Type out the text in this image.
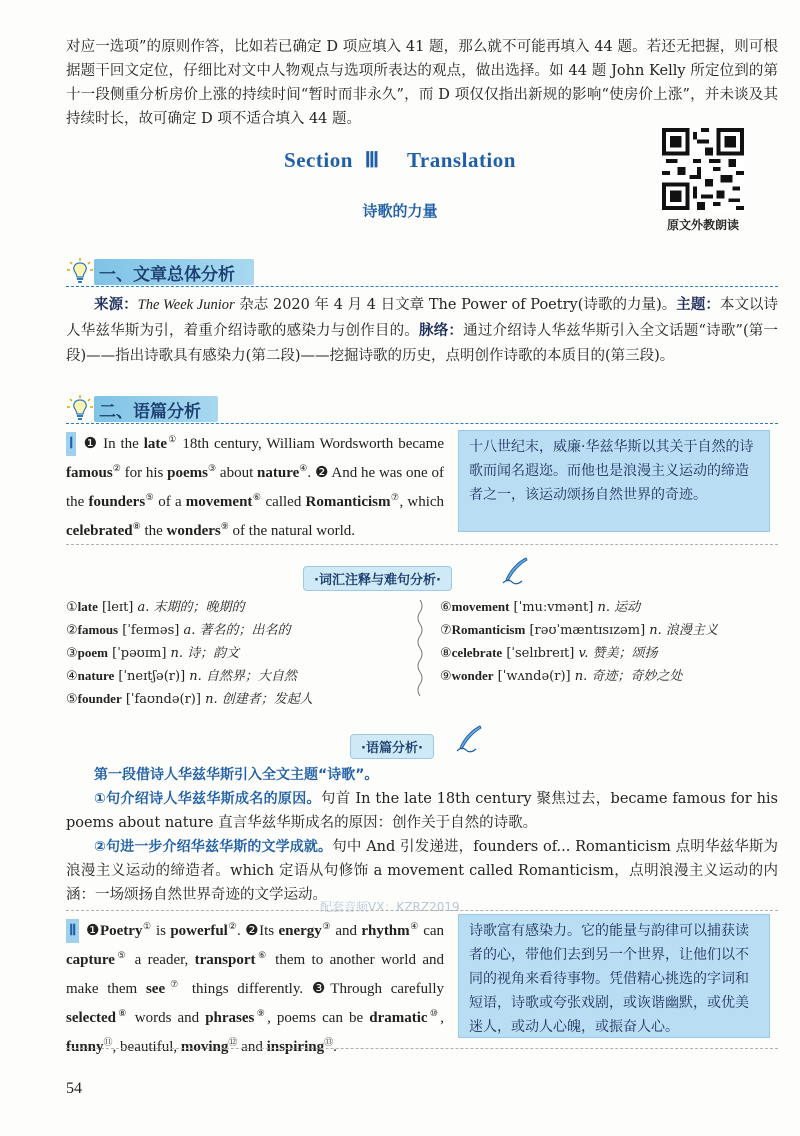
对应一选项”的原则作答，比如若已确定 D 项应填入 41 题，那么就不可能再填入 44 题。若还无把握，则可根据题干回文定位，仔细比对文中人物观点与选项所表达的观点，做出选择。如 44 题 John Kelly 所定位到的第十一段侧重分析房价上涨的持续时间“暂时而非永久”，而 D 项仅仅指出新规的影响“使房价上涨”，并未谈及其持续时长，故可确定 D 项不适合填入 44 题。
Section Ⅲ Translation
诗歌的力量
原文外教朗读
一、文章总体分析
来源：The Week Junior 杂志 2020 年 4 月 4 日文章 The Power of Poetry(诗歌的力量)。主题：本文以诗人华兹华斯为引，着重介绍诗歌的感染力与创作目的。脉络：通过介绍诗人华兹华斯引入全文话题“诗歌”(第一段)——指出诗歌具有感染力(第二段)——挖掘诗歌的历史，点明创作诗歌的本质目的(第三段)。
二、语篇分析
Ⅰ ❶ In the late① 18th century, William Wordsworth became famous② for his poems③ about nature④. ❷ And he was one of the founders⑤ of a movement⑥ called Romanticism⑦, which celebrated⑧ the wonders⑨ of the natural world.
十八世纪末，威廉·华兹华斯以其关于自然的诗歌而闻名遐迩。而他也是浪漫主义运动的缔造者之一，该运动颂扬自然世界的奇迹。
·词汇注释与难句分析·
①late [leɪt] a. 末期的；晚期的
②famous [ˈfeɪməs] a. 著名的；出名的
③poem [ˈpəʊɪm] n. 诗；韵文
④nature [ˈneɪtʃə(r)] n. 自然界；大自然
⑤founder [ˈfaʊndə(r)] n. 创建者；发起人
⑥movement [ˈmuːvmənt] n. 运动
⑦Romanticism [rəʊˈmæntɪsɪzəm] n. 浪漫主义
⑧celebrate [ˈselɪbreɪt] v. 赞美；颂扬
⑨wonder [ˈwʌndə(r)] n. 奇迹；奇妙之处
·语篇分析·
第一段借诗人华兹华斯引入全文主题“诗歌”。
①句介绍诗人华兹华斯成名的原因。句首 In the late 18th century 聚焦过去，became famous for his poems about nature 直言华兹华斯成名的原因：创作关于自然的诗歌。
②句进一步介绍华兹华斯的文学成就。句中 And 引发递进，founders of... Romanticism 点明华兹华斯为浪漫主义运动的缔造者。which 定语从句修饰 a movement called Romanticism，点明浪漫主义运动的内涵：一场颂扬自然世界奇迹的文学运动。
配套音频VX：KZRZ2019
Ⅱ ❶Poetry① is powerful②. ❷Its energy③ and rhythm④ can capture⑤ a reader, transport⑥ them to another world and make them see⑦ things differently. ❸Through carefully selected⑧ words and phrases⑨, poems can be dramatic⑩, funny⑪, beautiful, moving⑫ and inspiring⑬.
诗歌富有感染力。它的能量与韵律可以捕获读者的心，带他们去到另一个世界，让他们以不同的视角来看待事物。凭借精心挑选的字词和短语，诗歌或夸张戏剧，或诙谐幽默，或优美迷人，或动人心魄，或振奋人心。
54
